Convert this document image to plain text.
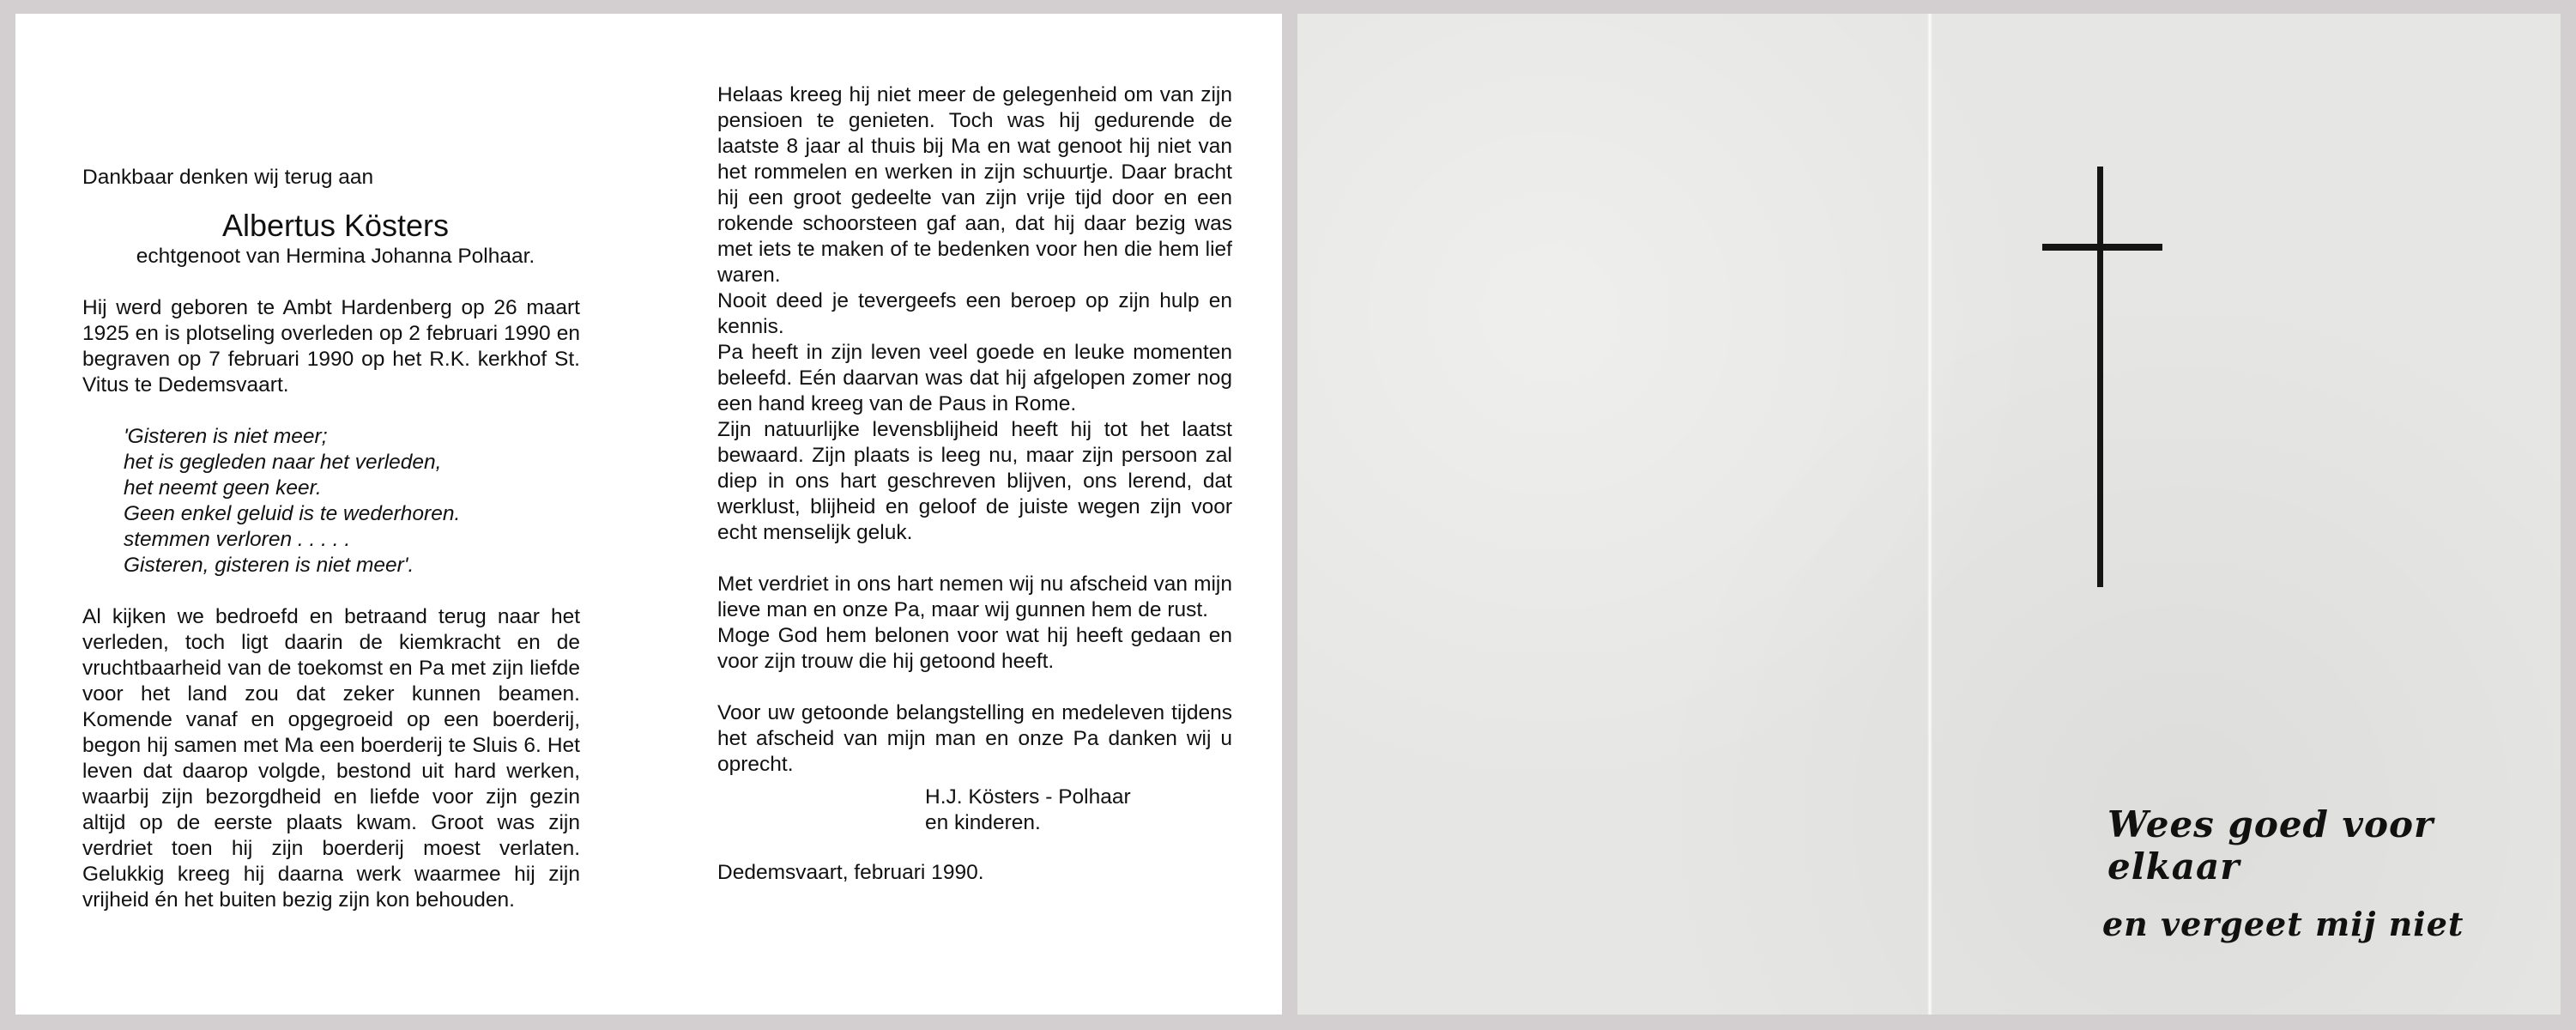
Dankbaar denken wij terug aan

Albertus Kösters

echtgenoot van Hermina Johanna Polhaar.

Hij werd geboren te Ambt Hardenberg op 26 maart 1925 en is plotseling overleden op 2 februari 1990 en begraven op 7 februari 1990 op het R.K. kerkhof St. Vitus te Dedemsvaart.

'Gisteren is niet meer;
het is gegleden naar het verleden,
het neemt geen keer.
Geen enkel geluid is te wederhoren.
stemmen verloren . . . . .
Gisteren, gisteren is niet meer'.

Al kijken we bedroefd en betraand terug naar het verleden, toch ligt daarin de kiemkracht en de vruchtbaarheid van de toekomst en Pa met zijn liefde voor het land zou dat zeker kunnen beamen. Komende vanaf en opgegroeid op een boerderij, begon hij samen met Ma een boerderij te Sluis 6. Het leven dat daarop volgde, bestond uit hard werken, waarbij zijn bezorgdheid en liefde voor zijn gezin altijd op de eerste plaats kwam. Groot was zijn verdriet toen hij zijn boerderij moest verlaten. Gelukkig kreeg hij daarna werk waarmee hij zijn vrijheid én het buiten bezig zijn kon behouden.

Helaas kreeg hij niet meer de gelegenheid om van zijn pensioen te genieten. Toch was hij gedurende de laatste 8 jaar al thuis bij Ma en wat genoot hij niet van het rommelen en werken in zijn schuurtje. Daar bracht hij een groot gedeelte van zijn vrije tijd door en een rokende schoorsteen gaf aan, dat hij daar bezig was met iets te maken of te bedenken voor hen die hem lief waren.

Nooit deed je tevergeefs een beroep op zijn hulp en kennis.

Pa heeft in zijn leven veel goede en leuke momenten beleefd. Eén daarvan was dat hij afgelopen zomer nog een hand kreeg van de Paus in Rome.

Zijn natuurlijke levensblijheid heeft hij tot het laatst bewaard. Zijn plaats is leeg nu, maar zijn persoon zal diep in ons hart geschreven blijven, ons lerend, dat werklust, blijheid en geloof de juiste wegen zijn voor echt menselijk geluk.

Met verdriet in ons hart nemen wij nu afscheid van mijn lieve man en onze Pa, maar wij gunnen hem de rust.

Moge God hem belonen voor wat hij heeft gedaan en voor zijn trouw die hij getoond heeft.

Voor uw getoonde belangstelling en medeleven tijdens het afscheid van mijn man en onze Pa danken wij u oprecht.

H.J. Kösters - Polhaar
en kinderen.

Dedemsvaart, februari 1990.

Wees goed voor elkaar
en vergeet mij niet
